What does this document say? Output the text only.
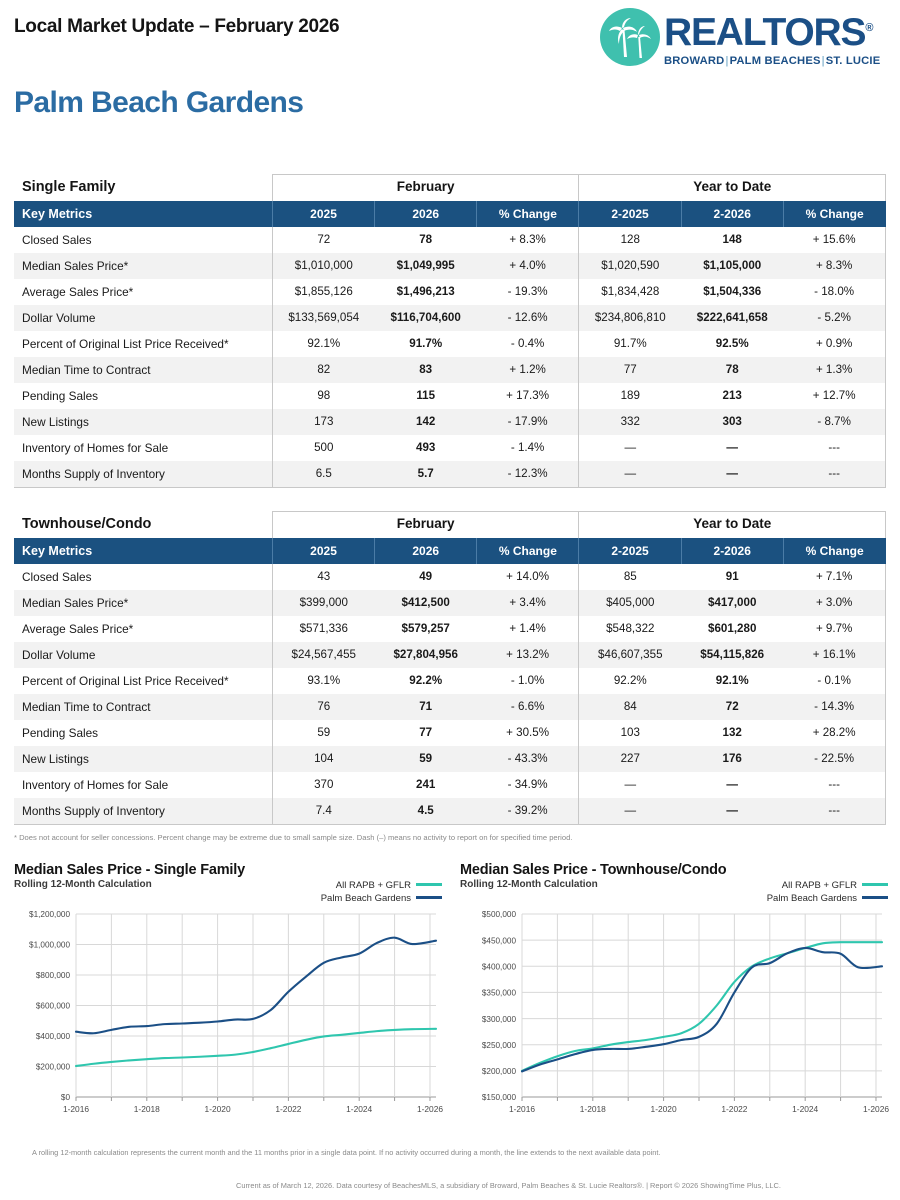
Local Market Update – February 2026	REALTORS®
BROWARD|PALM BEACHES|ST. LUCIE
Palm Beach Gardens
Single Family	February			Year to Date		
Key Metrics	2025	2026	% Change	2-2025	2-2026	% Change
Closed Sales	72	78	+ 8.3%	128	148	+ 15.6%
Median Sales Price*	$1,010,000	$1,049,995	+ 4.0%	$1,020,590	$1,105,000	+ 8.3%
Average Sales Price*	$1,855,126	$1,496,213	- 19.3%	$1,834,428	$1,504,336	- 18.0%
Dollar Volume	$133,569,054	$116,704,600	- 12.6%	$234,806,810	$222,641,658	- 5.2%
Percent of Original List Price Received*	92.1%	91.7%	- 0.4%	91.7%	92.5%	+ 0.9%
Median Time to Contract	82	83	+ 1.2%	77	78	+ 1.3%
Pending Sales	98	115	+ 17.3%	189	213	+ 12.7%
New Listings	173	142	- 17.9%	332	303	- 8.7%
Inventory of Homes for Sale	500	493	- 1.4%	—	—	---
Months Supply of Inventory	6.5	5.7	- 12.3%	—	—	---
Townhouse/Condo	February			Year to Date		
Key Metrics	2025	2026	% Change	2-2025	2-2026	% Change
Closed Sales	43	49	+ 14.0%	85	91	+ 7.1%
Median Sales Price*	$399,000	$412,500	+ 3.4%	$405,000	$417,000	+ 3.0%
Average Sales Price*	$571,336	$579,257	+ 1.4%	$548,322	$601,280	+ 9.7%
Dollar Volume	$24,567,455	$27,804,956	+ 13.2%	$46,607,355	$54,115,826	+ 16.1%
Percent of Original List Price Received*	93.1%	92.2%	- 1.0%	92.2%	92.1%	- 0.1%
Median Time to Contract	76	71	- 6.6%	84	72	- 14.3%
Pending Sales	59	77	+ 30.5%	103	132	+ 28.2%
New Listings	104	59	- 43.3%	227	176	- 22.5%
Inventory of Homes for Sale	370	241	- 34.9%	—	—	---
Months Supply of Inventory	7.4	4.5	- 39.2%	—	—	---
* Does not account for seller concessions. Percent change may be extreme due to small sample size. Dash (–) means no activity to report on for specified time period.
Median Sales Price - Single Family
Rolling 12-Month Calculation	All RAPB + GFLR
Palm Beach Gardens
$0
$200,000
$400,000
$600,000
$800,000
$1,000,000
$1,200,000
1-2016	1-2018	1-2020	1-2022	1-2024	1-2026
Median Sales Price - Townhouse/Condo
Rolling 12-Month Calculation	All RAPB + GFLR
Palm Beach Gardens
$150,000
$200,000
$250,000
$300,000
$350,000
$400,000
$450,000
$500,000
1-2016	1-2018	1-2020	1-2022	1-2024	1-2026
A rolling 12-month calculation represents the current month and the 11 months prior in a single data point. If no activity occurred during a month, the line extends to the next available data point.
Current as of March 12, 2026. Data courtesy of BeachesMLS, a subsidiary of Broward, Palm Beaches & St. Lucie Realtors®. | Report © 2026 ShowingTime Plus, LLC.
